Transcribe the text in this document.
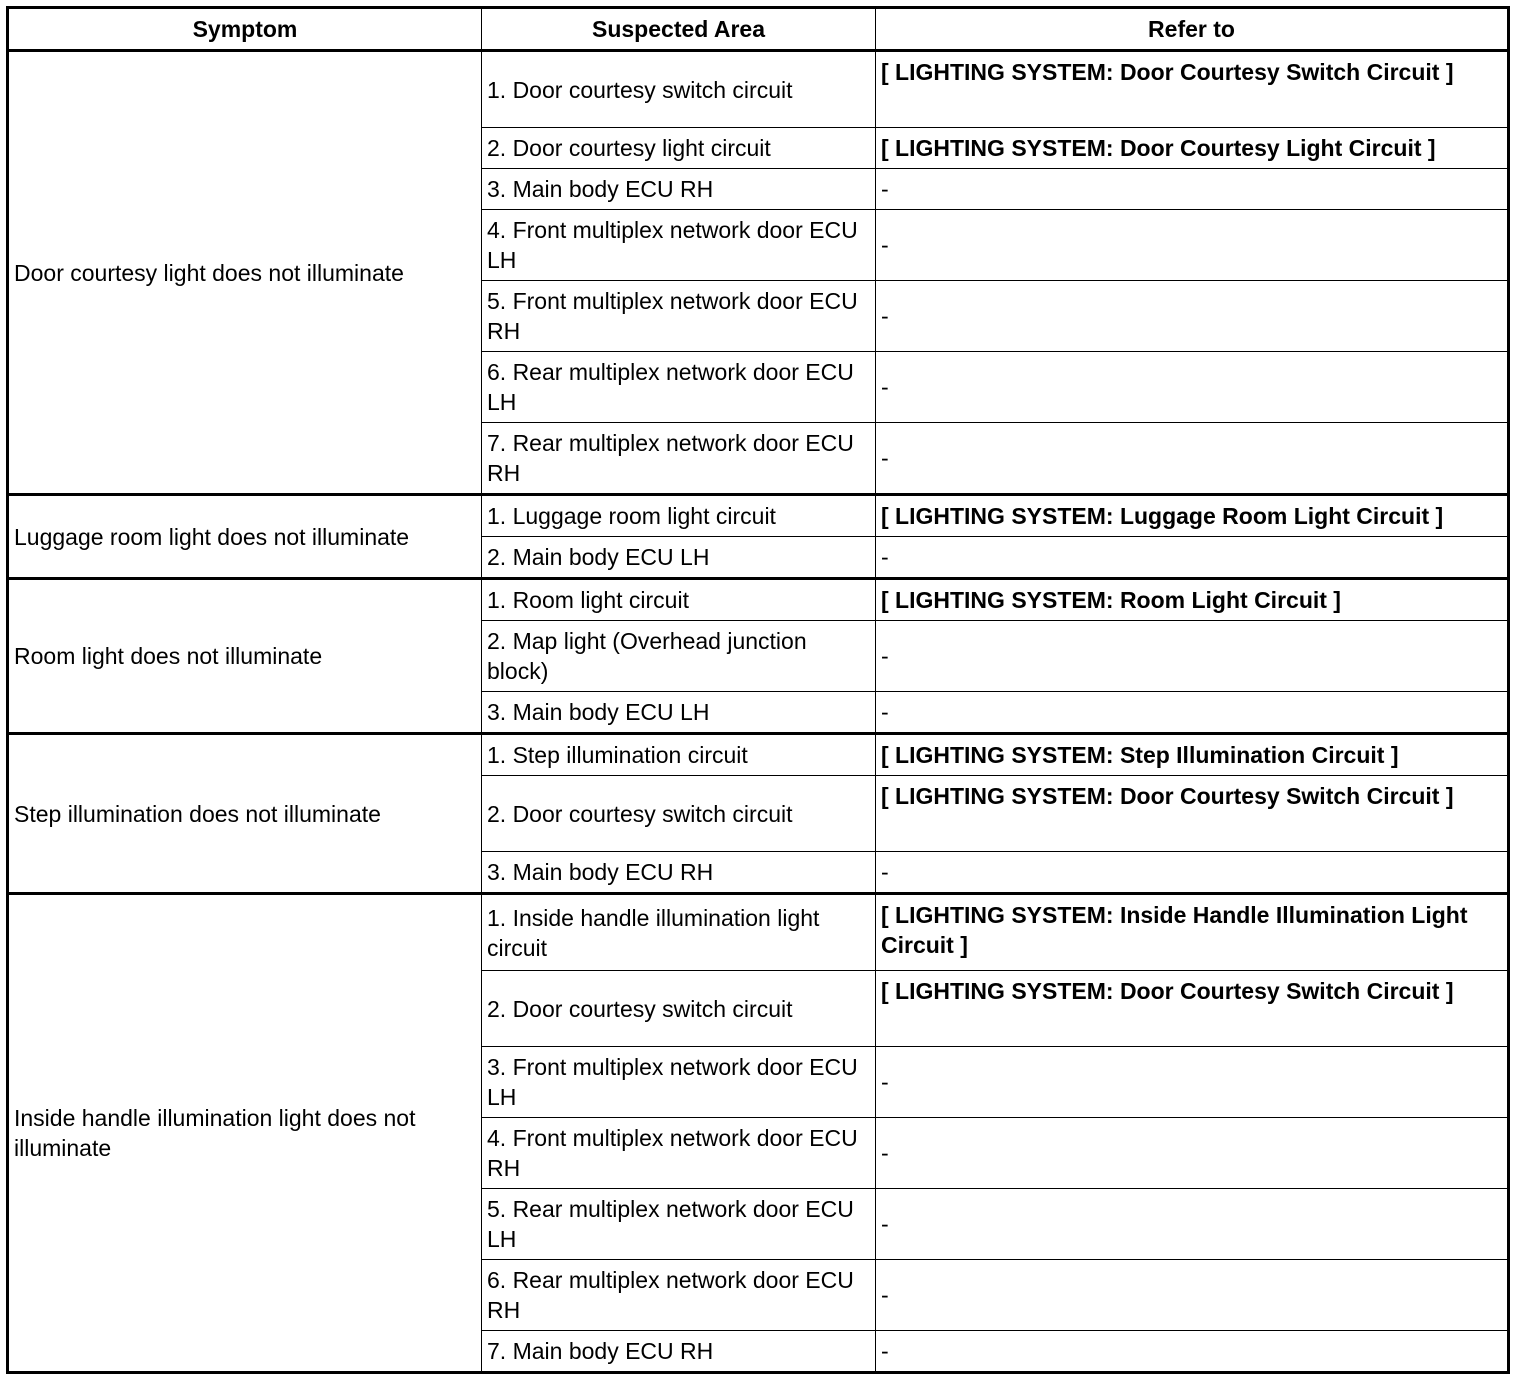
Symptom	Suspected Area	Refer to
Door courtesy light does not illuminate	1. Door courtesy switch circuit	[ LIGHTING SYSTEM: Door Courtesy Switch Circuit ]
	2. Door courtesy light circuit	[ LIGHTING SYSTEM: Door Courtesy Light Circuit ]
	3. Main body ECU RH	-
	4. Front multiplex network door ECU LH	-
	5. Front multiplex network door ECU RH	-
	6. Rear multiplex network door ECU LH	-
	7. Rear multiplex network door ECU RH	-
Luggage room light does not illuminate	1. Luggage room light circuit	[ LIGHTING SYSTEM: Luggage Room Light Circuit ]
	2. Main body ECU LH	-
Room light does not illuminate	1. Room light circuit	[ LIGHTING SYSTEM: Room Light Circuit ]
	2. Map light (Overhead junction block)	-
	3. Main body ECU LH	-
Step illumination does not illuminate	1. Step illumination circuit	[ LIGHTING SYSTEM: Step Illumination Circuit ]
	2. Door courtesy switch circuit	[ LIGHTING SYSTEM: Door Courtesy Switch Circuit ]
	3. Main body ECU RH	-
Inside handle illumination light does not illuminate	1. Inside handle illumination light circuit	[ LIGHTING SYSTEM: Inside Handle Illumination Light Circuit ]
	2. Door courtesy switch circuit	[ LIGHTING SYSTEM: Door Courtesy Switch Circuit ]
	3. Front multiplex network door ECU LH	-
	4. Front multiplex network door ECU RH	-
	5. Rear multiplex network door ECU LH	-
	6. Rear multiplex network door ECU RH	-
	7. Main body ECU RH	-
